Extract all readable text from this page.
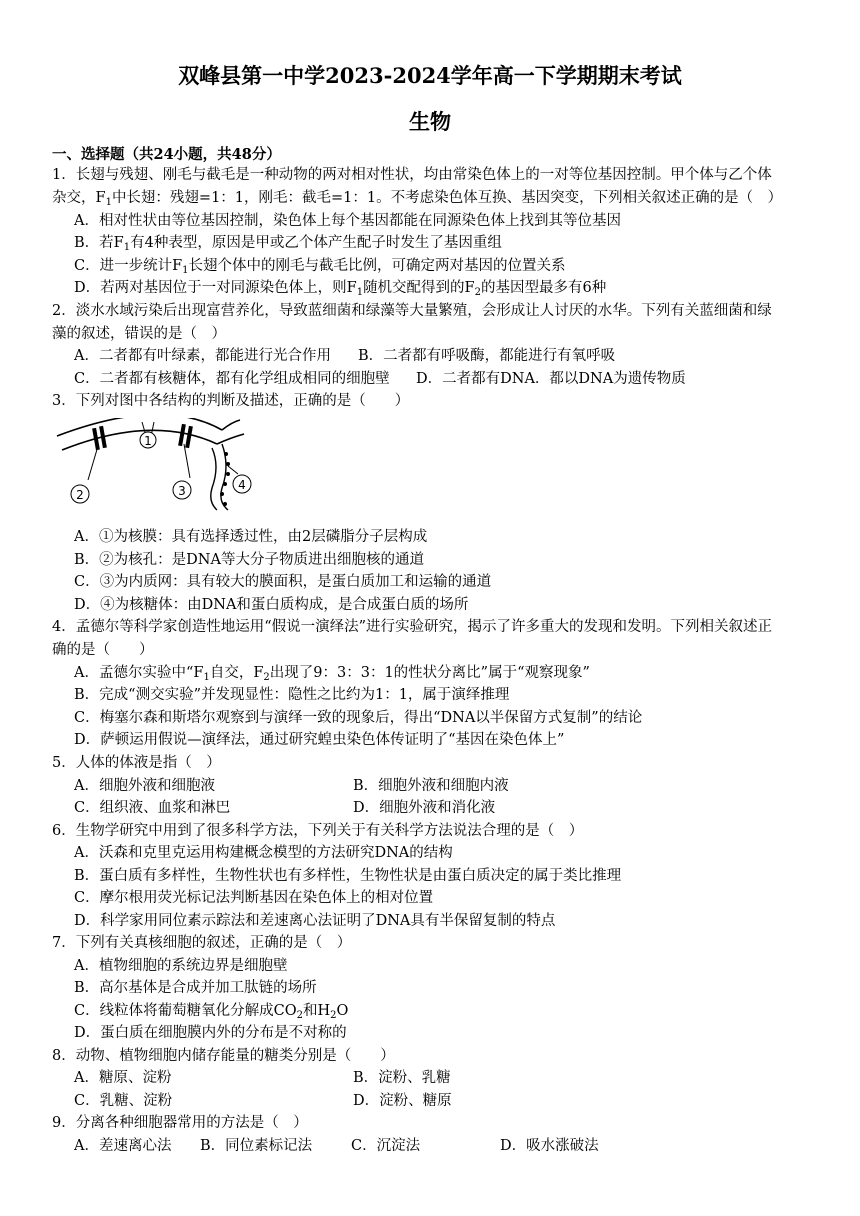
双峰县第一中学2023-2024学年高一下学期期末考试
生物
一、选择题（共24小题，共48分）
1．长翅与残翅、刚毛与截毛是一种动物的两对相对性状，均由常染色体上的一对等位基因控制。甲个体与乙个体
杂交，$F_1$中长翅：残翅=1：1，刚毛：截毛=1：1。不考虑染色体互换、基因突变，下列相关叙述正确的是（　）
A．相对性状由等位基因控制，染色体上每个基因都能在同源染色体上找到其等位基因
B．若$F_1$有4种表型，原因是甲或乙个体产生配子时发生了基因重组
C．进一步统计$F_1$长翅个体中的刚毛与截毛比例，可确定两对基因的位置关系
D．若两对基因位于一对同源染色体上，则$F_1$随机交配得到的$F_2$的基因型最多有6种
2．淡水水域污染后出现富营养化，导致蓝细菌和绿藻等大量繁殖，会形成让人讨厌的水华。下列有关蓝细菌和绿
藻的叙述，错误的是（　）
A．二者都有叶绿素，都能进行光合作用 B．二者都有呼吸酶，都能进行有氧呼吸
C．二者都有核糖体，都有化学组成相同的细胞壁 D．二者都有DNA．都以DNA为遗传物质
3．下列对图中各结构的判断及描述，正确的是（　　）
1
2	3	4
A．①为核膜：具有选择透过性，由2层磷脂分子层构成
B．②为核孔：是DNA等大分子物质进出细胞核的通道
C．③为内质网：具有较大的膜面积，是蛋白质加工和运输的通道
D．④为核糖体：由DNA和蛋白质构成，是合成蛋白质的场所
4．孟德尔等科学家创造性地运用“假说一演绎法”进行实验研究，揭示了许多重大的发现和发明。下列相关叙述正
确的是（　　）
A．孟德尔实验中“$F_1$自交，$F_2$出现了9：3：3：1的性状分离比”属于“观察现象”
B．完成“测交实验”并发现显性：隐性之比约为1：1，属于演绎推理
C．梅塞尔森和斯塔尔观察到与演绎一致的现象后，得出“DNA以半保留方式复制”的结论
D．萨顿运用假说—演绎法，通过研究蝗虫染色体传证明了“基因在染色体上”
5．人体的体液是指（　）
A．细胞外液和细胞液	B．细胞外液和细胞内液
C．组织液、血浆和淋巴	D．细胞外液和消化液
6．生物学研究中用到了很多科学方法，下列关于有关科学方法说法合理的是（　）
A．沃森和克里克运用构建概念模型的方法研究DNA的结构
B．蛋白质有多样性，生物性状也有多样性，生物性状是由蛋白质决定的属于类比推理
C．摩尔根用荧光标记法判断基因在染色体上的相对位置
D．科学家用同位素示踪法和差速离心法证明了DNA具有半保留复制的特点
7．下列有关真核细胞的叙述，正确的是（　）
A．植物细胞的系统边界是细胞壁
B．高尔基体是合成并加工肽链的场所
C．线粒体将葡萄糖氧化分解成$CO_2$和$H_2O$
D．蛋白质在细胞膜内外的分布是不对称的
8．动物、植物细胞内储存能量的糖类分别是（　　）
A．糖原、淀粉	B．淀粉、乳糖
C．乳糖、淀粉	D．淀粉、糖原
9．分离各种细胞器常用的方法是（　）
A．差速离心法 B．同位素标记法	C．沉淀法	D．吸水涨破法
